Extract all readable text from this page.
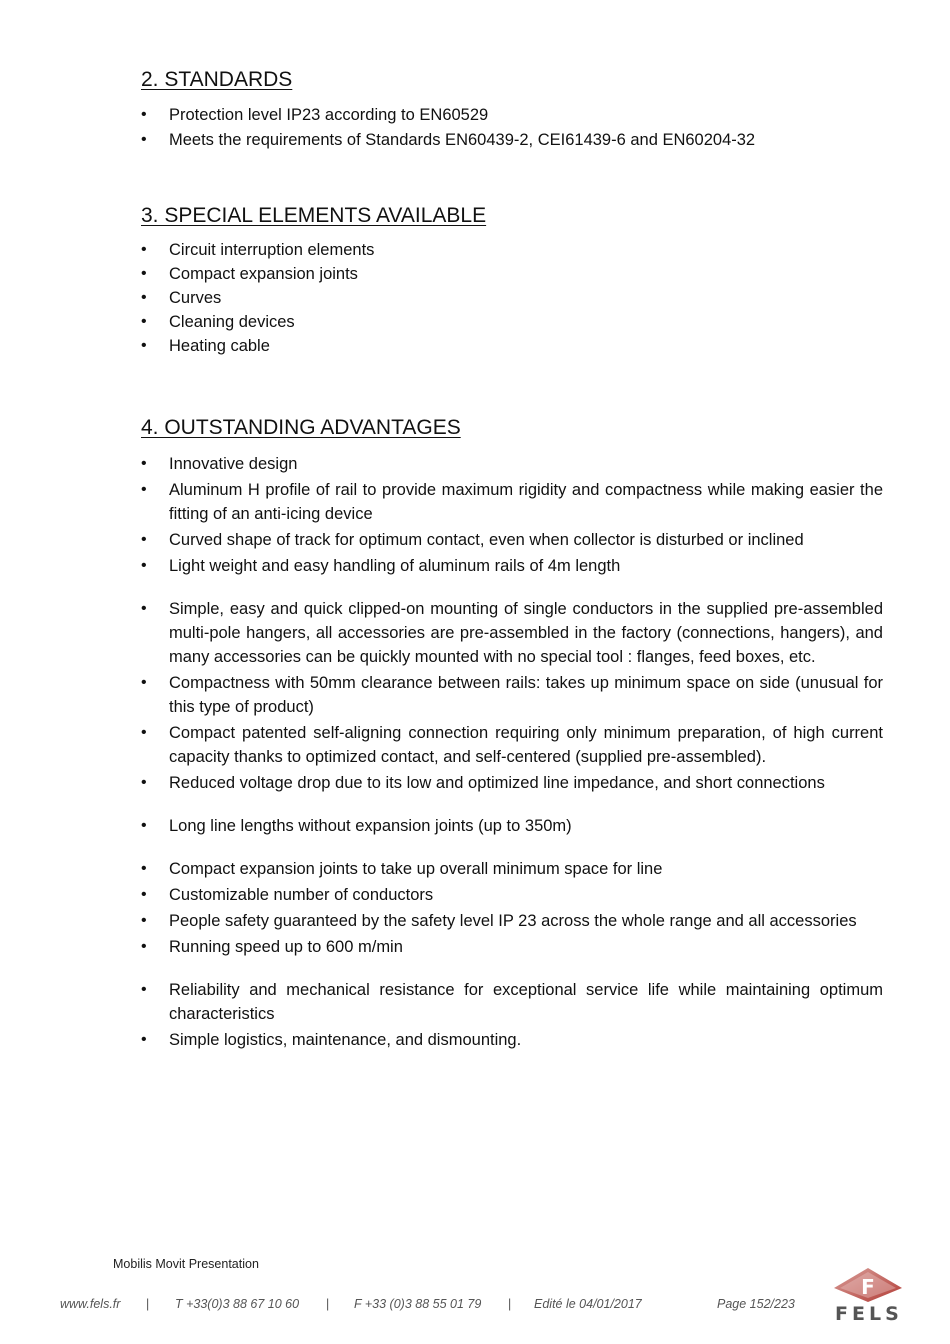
2. STANDARDS
• Protection level IP23 according to EN60529
• Meets the requirements of Standards EN60439-2, CEI61439-6 and EN60204-32
3. SPECIAL ELEMENTS AVAILABLE
• Circuit interruption elements
• Compact expansion joints
• Curves
• Cleaning devices
• Heating cable
4. OUTSTANDING ADVANTAGES
• Innovative design
• Aluminum H profile of rail to provide maximum rigidity and compactness while making easier the fitting of an anti-icing device
• Curved shape of track for optimum contact, even when collector is disturbed or inclined
• Light weight and easy handling of aluminum rails of 4m length
• Simple, easy and quick clipped-on mounting of single conductors in the supplied pre-assembled multi-pole hangers, all accessories are pre-assembled in the factory (connections, hangers), and many accessories can be quickly mounted with no special tool : flanges, feed boxes, etc.
• Compactness with 50mm clearance between rails: takes up minimum space on side (unusual for this type of product)
• Compact patented self-aligning connection requiring only minimum preparation, of high current capacity thanks to optimized contact, and self-centered (supplied pre-assembled).
• Reduced voltage drop due to its low and optimized line impedance, and short connections
• Long line lengths without expansion joints (up to 350m)
• Compact expansion joints to take up overall minimum space for line
• Customizable number of conductors
• People safety guaranteed by the safety level IP 23 across the whole range and all accessories
• Running speed up to 600 m/min
• Reliability and mechanical resistance for exceptional service life while maintaining optimum characteristics
• Simple logistics, maintenance, and dismounting.
Mobilis Movit Presentation
www.fels.fr | T +33(0)3 88 67 10 60 | F +33 (0)3 88 55 01 79 | Edité le 04/01/2017	Page 152/223
F
FELS
